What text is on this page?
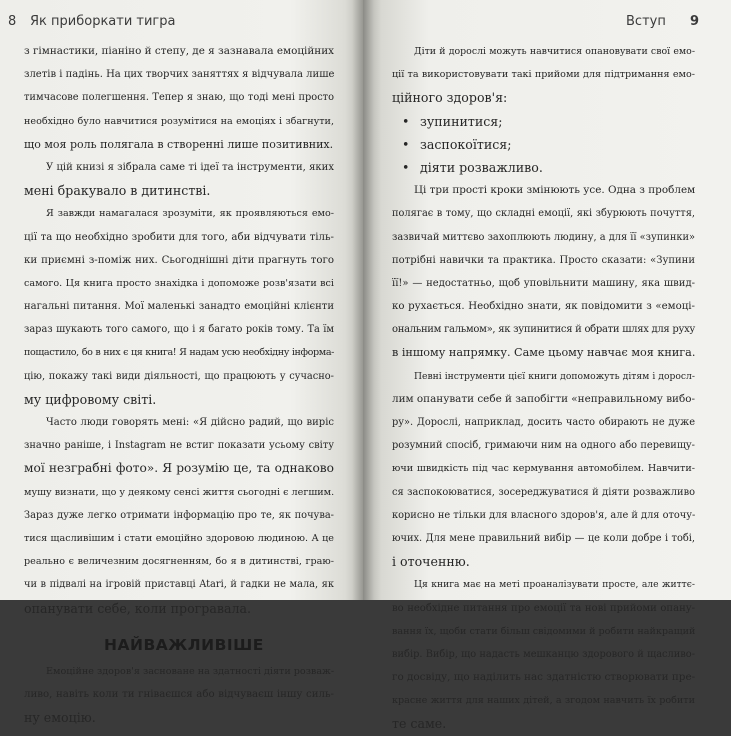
8 Як приборкати тигра
з гімнастики, піаніно й степу, де я зазнавала емоційних
злетів і падінь. На цих творчих заняттях я відчувала лише
тимчасове полегшення. Тепер я знаю, що тоді мені просто
необхідно було навчитися розумітися на емоціях і збагнути,
що моя роль полягала в створенні лише позитивних.
У цій книзі я зібрала саме ті ідеї та інструменти, яких
мені бракувало в дитинстві.
Я завжди намагалася зрозуміти, як проявляються емо-
ції та що необхідно зробити для того, аби відчувати тіль-
ки приємні з-поміж них. Сьогоднішні діти прагнуть того
самого. Ця книга просто знахідка і допоможе розв'язати всі
нагальні питання. Мої маленькі занадто емоційні клієнти
зараз шукають того самого, що і я багато років тому. Та їм
пощастило, бо в них є ця книга! Я надам усю необхідну інформа-
цію, покажу такі види діяльності, що працюють у сучасно-
му цифровому світі.
Часто люди говорять мені: «Я дійсно радий, що виріс
значно раніше, і Instagram не встиг показати усьому світу
мої незграбні фото». Я розумію це, та однаково
мушу визнати, що у деякому сенсі життя сьогодні є легшим.
Зараз дуже легко отримати інформацію про те, як почува-
тися щасливішим і стати емоційно здоровою людиною. А це
реально є величезним досягненням, бо я в дитинстві, граю-
чи в підвалі на ігровій приставці Atari, й гадки не мала, як
опанувати себе, коли програвала.
НАЙВАЖЛИВІШЕ
Емоційне здоров'я засноване на здатності діяти розваж-
ливо, навіть коли ти гніваєшся або відчуваєш іншу силь-
ну емоцію.
Вступ 9
Діти й дорослі можуть навчитися опановувати свої емо-
ції та використовувати такі прийоми для підтримання емо-
ційного здоров'я:
• зупинитися;
• заспокоїтися;
• діяти розважливо.
Ці три прості кроки змінюють усе. Одна з проблем
полягає в тому, що складні емоції, які збурюють почуття,
зазвичай миттєво захоплюють людину, а для її «зупинки»
потрібні навички та практика. Просто сказати: «Зупини
її!» — недостатньо, щоб уповільнити машину, яка швид-
ко рухається. Необхідно знати, як повідомити з «емоці-
ональним гальмом», як зупинитися й обрати шлях для руху
в іншому напрямку. Саме цьому навчає моя книга.
Певні інструменти цієї книги допоможуть дітям і доросл-
лим опанувати себе й запобігти «неправильному вибо-
ру». Дорослі, наприклад, досить часто обирають не дуже
розумний спосіб, гримаючи ним на одного або перевищу-
ючи швидкість під час кермування автомобілем. Навчити-
ся заспокоюватися, зосереджуватися й діяти розважливо
корисно не тільки для власного здоров'я, але й для оточу-
ючих. Для мене правильний вибір — це коли добре і тобі,
і оточенню.
Ця книга має на меті проаналізувати просте, але життє-
во необхідне питання про емоції та нові прийоми опану-
вання їх, щоби стати більш свідомими й робити найкращий
вибір. Вибір, що надасть мешканцю здорового й щасливо-
го досвіду, що наділить нас здатністю створювати пре-
красне життя для наших дітей, а згодом навчить їх робити
те саме.
